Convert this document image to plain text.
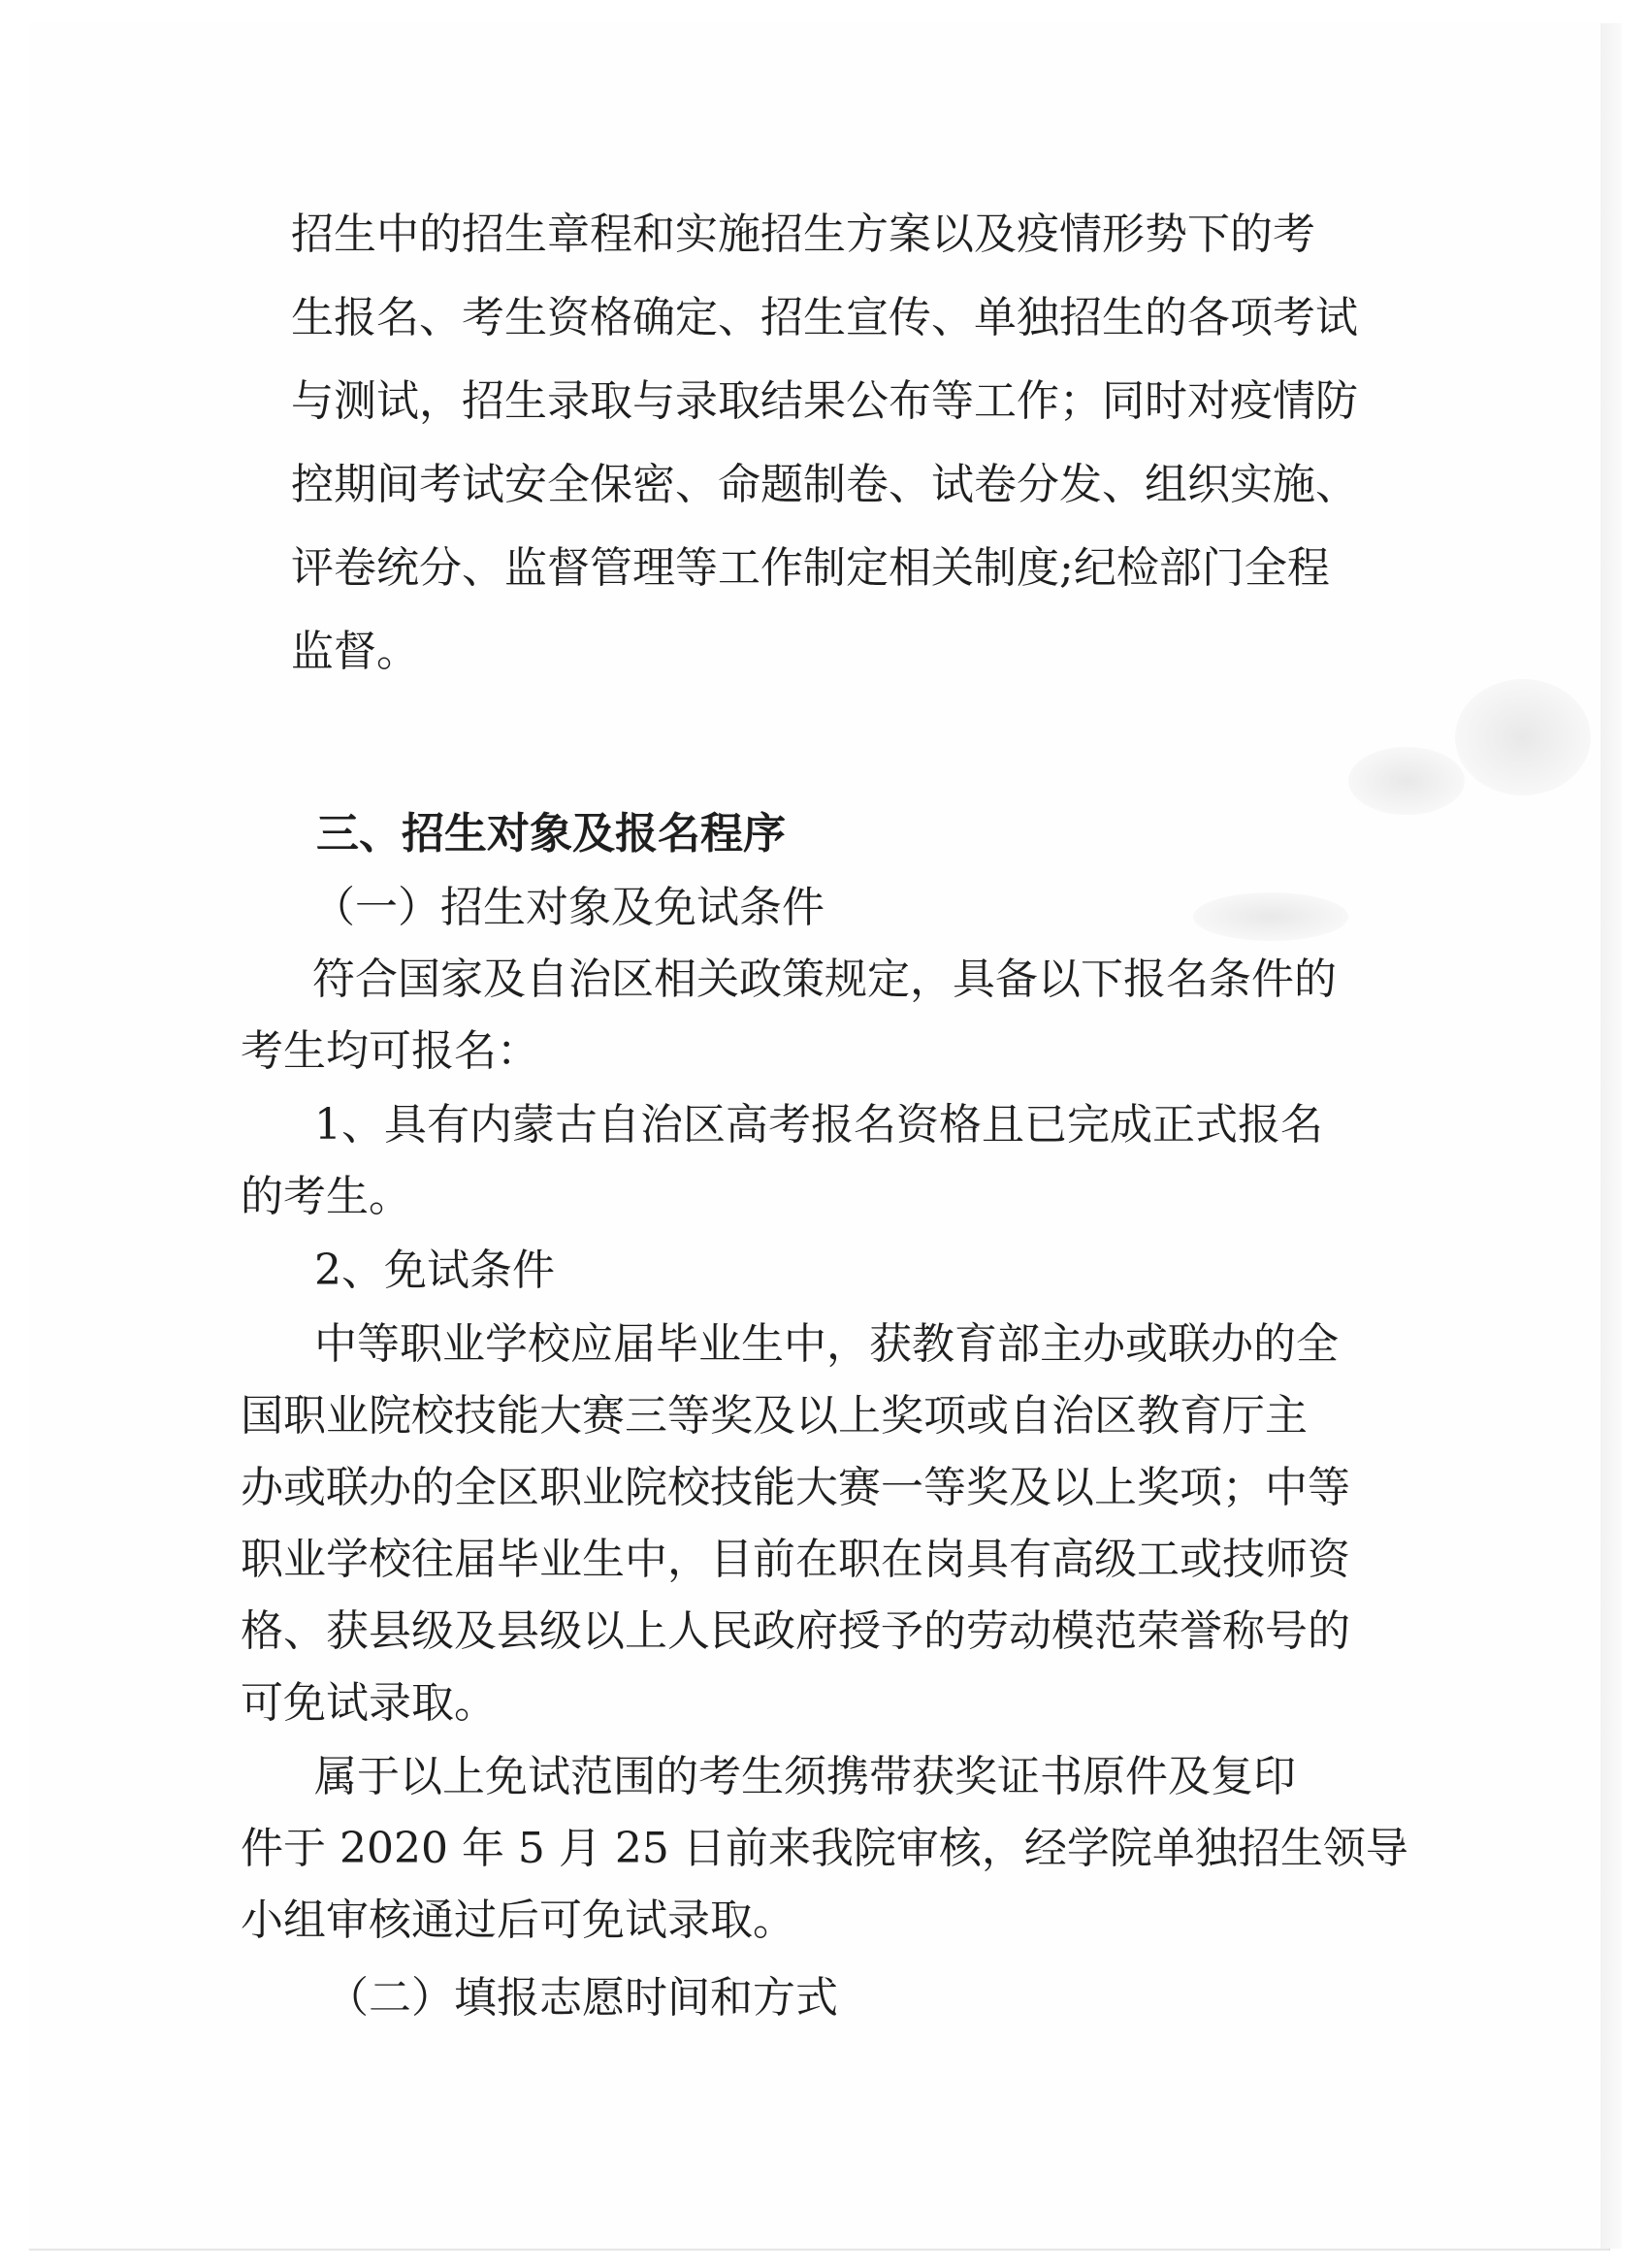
招生中的招生章程和实施招生方案以及疫情形势下的考

生报名、考生资格确定、招生宣传、单独招生的各项考试

与测试，招生录取与录取结果公布等工作；同时对疫情防

控期间考试安全保密、命题制卷、试卷分发、组织实施、

评卷统分、监督管理等工作制定相关制度;纪检部门全程

监督。

三、招生对象及报名程序

（一）招生对象及免试条件

符合国家及自治区相关政策规定，具备以下报名条件的

考生均可报名：

1、具有内蒙古自治区高考报名资格且已完成正式报名

的考生。

2、免试条件

中等职业学校应届毕业生中，获教育部主办或联办的全

国职业院校技能大赛三等奖及以上奖项或自治区教育厅主

办或联办的全区职业院校技能大赛一等奖及以上奖项；中等

职业学校往届毕业生中，目前在职在岗具有高级工或技师资

格、获县级及县级以上人民政府授予的劳动模范荣誉称号的

可免试录取。

属于以上免试范围的考生须携带获奖证书原件及复印

件于 2020 年 5 月 25 日前来我院审核，经学院单独招生领导

小组审核通过后可免试录取。

（二）填报志愿时间和方式
